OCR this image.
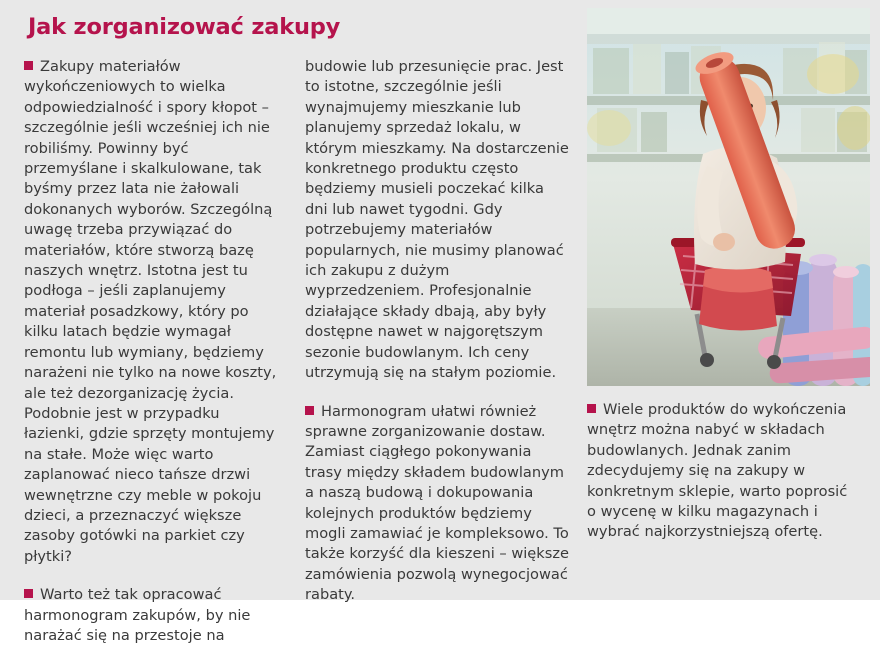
Jak zorganizować zakupy

Zakupy materiałów wykończeniowych to wielka odpowiedzialność i spory kłopot – szczególnie jeśli wcześniej ich nie robiliśmy. Powinny być przemyślane i skalkulowane, tak byśmy przez lata nie żałowali dokonanych wyborów. Szczególną uwagę trzeba przywiązać do materiałów, które stworzą bazę naszych wnętrz. Istotna jest tu podłoga – jeśli zaplanujemy materiał posadzkowy, który po kilku latach będzie wymagał remontu lub wymiany, będziemy narażeni nie tylko na nowe koszty, ale też dezorganizację życia. Podobnie jest w przypadku łazienki, gdzie sprzęty montujemy na stałe. Może więc warto zaplanować nieco tańsze drzwi wewnętrzne czy meble w pokoju dzieci, a przeznaczyć większe zasoby gotówki na parkiet czy płytki?

Warto też tak opracować harmonogram zakupów, by nie narażać się na przestoje na

budowie lub przesunięcie prac. Jest to istotne, szczególnie jeśli wynajmujemy mieszkanie lub planujemy sprzedaż lokalu, w którym mieszkamy. Na dostarczenie konkretnego produktu często będziemy musieli poczekać kilka dni lub nawet tygodni. Gdy potrzebujemy materiałów popularnych, nie musimy planować ich zakupu z dużym wyprzedzeniem. Profesjonalnie działające składy dbają, aby były dostępne nawet w najgorętszym sezonie budowlanym. Ich ceny utrzymują się na stałym poziomie.

Harmonogram ułatwi również sprawne zorganizowanie dostaw. Zamiast ciągłego pokonywania trasy między składem budowlanym a naszą budową i dokupowania kolejnych produktów będziemy mogli zamawiać je kompleksowo. To także korzyść dla kieszeni – większe zamówienia pozwolą wynegocjować rabaty.

Wiele produktów do wykończenia wnętrz można nabyć w składach budowlanych. Jednak zanim zdecydujemy się na zakupy w konkretnym sklepie, warto poprosić o wycenę w kilku magazynach i wybrać najkorzystniejszą ofertę.
